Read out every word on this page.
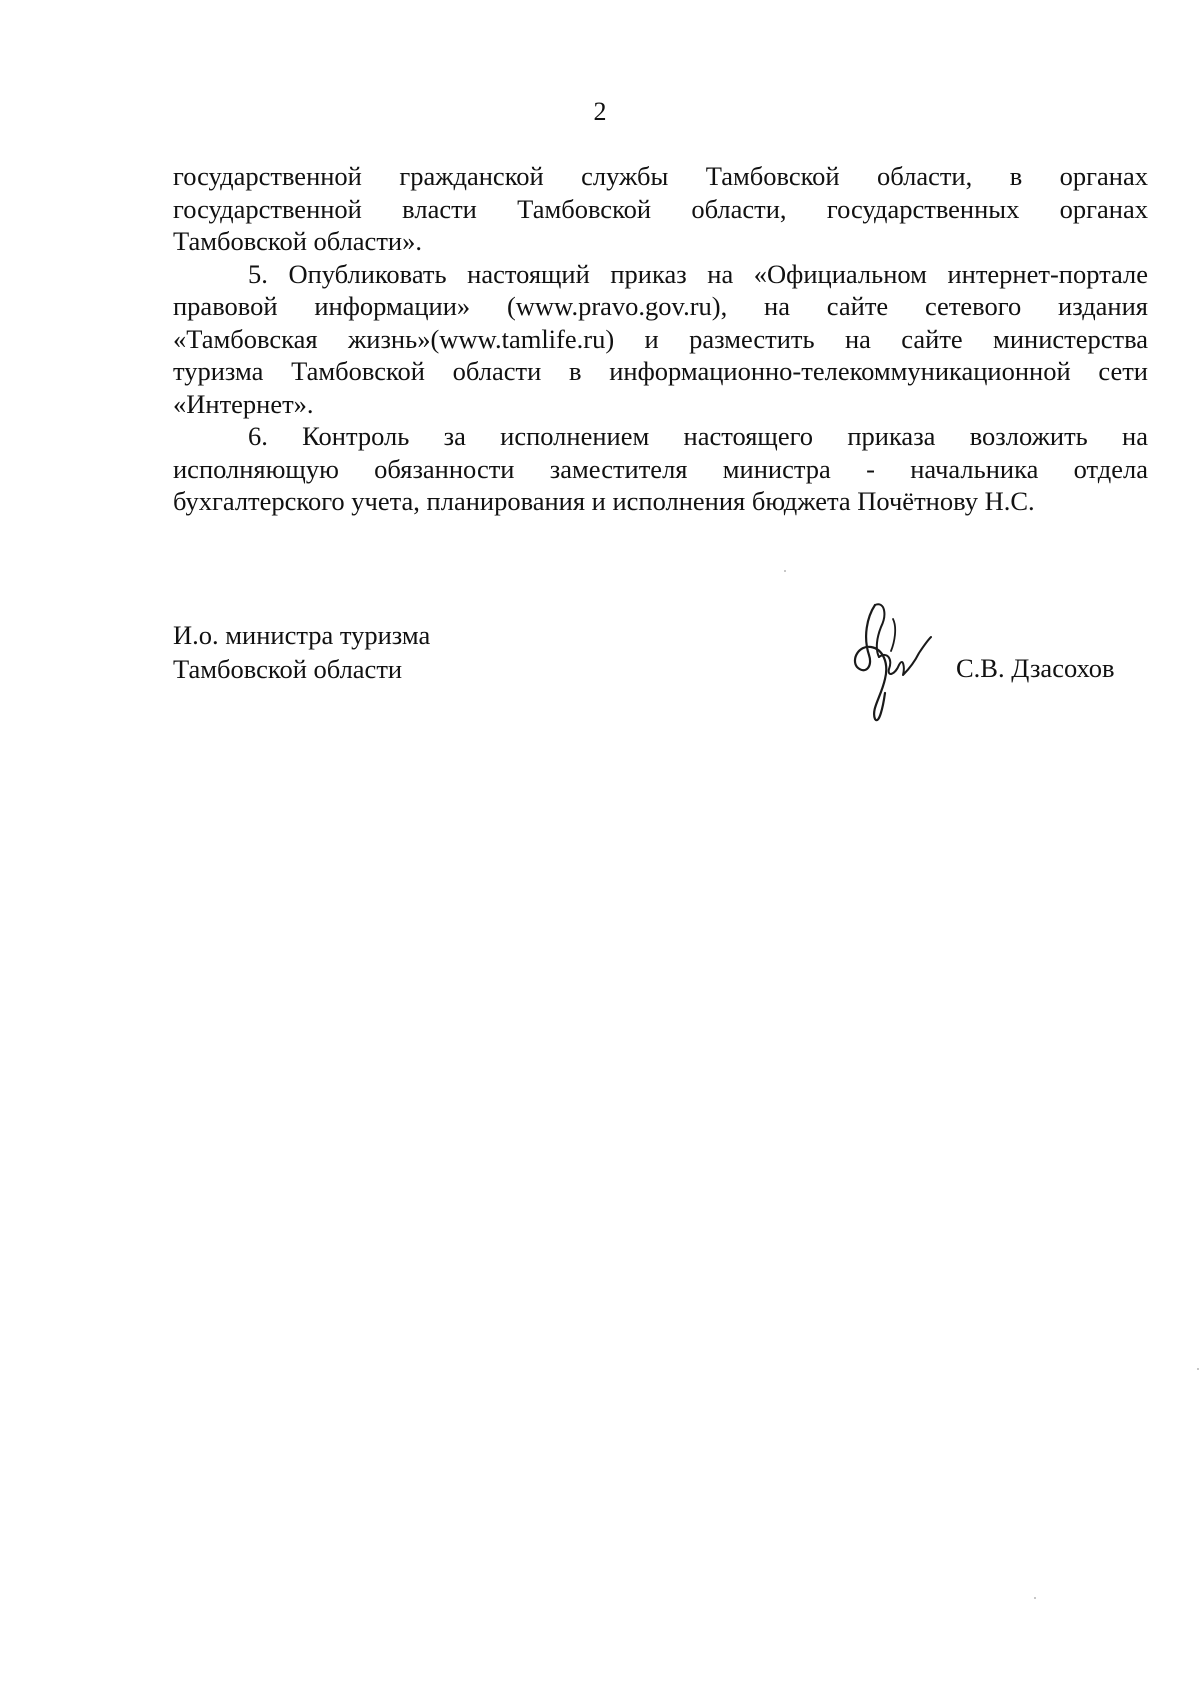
2
государственной гражданской службы Тамбовской области, в органах
государственной власти Тамбовской области, государственных органах
Тамбовской области».
5. Опубликовать настоящий приказ на «Официальном интернет-портале
правовой информации» (www.pravo.gov.ru), на сайте сетевого издания
«Тамбовская жизнь»(www.tamlife.ru) и разместить на сайте министерства
туризма Тамбовской области в информационно-телекоммуникационной сети
«Интернет».
6. Контроль за исполнением настоящего приказа возложить на
исполняющую обязанности заместителя министра - начальника отдела
бухгалтерского учета, планирования и исполнения бюджета Почётнову Н.С.
И.о. министра туризма
Тамбовской области	С.В. Дзасохов
